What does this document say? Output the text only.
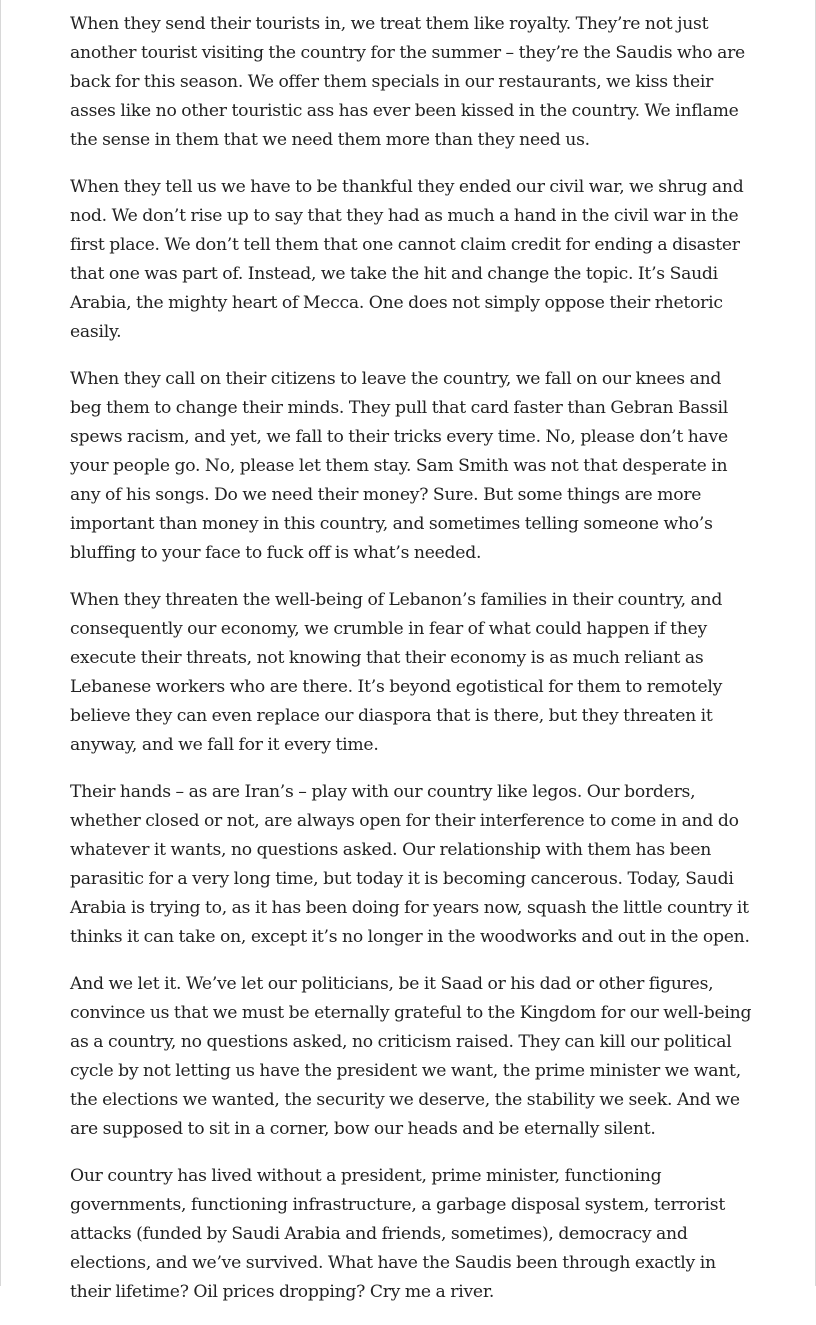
When they send their tourists in, we treat them like royalty. They’re not just another tourist visiting the country for the summer – they’re the Saudis who are back for this season. We offer them specials in our restaurants, we kiss their asses like no other touristic ass has ever been kissed in the country. We inflame the sense in them that we need them more than they need us.

When they tell us we have to be thankful they ended our civil war, we shrug and nod. We don’t rise up to say that they had as much a hand in the civil war in the first place. We don’t tell them that one cannot claim credit for ending a disaster that one was part of. Instead, we take the hit and change the topic. It’s Saudi Arabia, the mighty heart of Mecca. One does not simply oppose their rhetoric easily.

When they call on their citizens to leave the country, we fall on our knees and beg them to change their minds. They pull that card faster than Gebran Bassil spews racism, and yet, we fall to their tricks every time. No, please don’t have your people go. No, please let them stay. Sam Smith was not that desperate in any of his songs. Do we need their money? Sure. But some things are more important than money in this country, and sometimes telling someone who’s bluffing to your face to fuck off is what’s needed.

When they threaten the well-being of Lebanon’s families in their country, and consequently our economy, we crumble in fear of what could happen if they execute their threats, not knowing that their economy is as much reliant as Lebanese workers who are there. It’s beyond egotistical for them to remotely believe they can even replace our diaspora that is there, but they threaten it anyway, and we fall for it every time.

Their hands – as are Iran’s – play with our country like legos. Our borders, whether closed or not, are always open for their interference to come in and do whatever it wants, no questions asked. Our relationship with them has been parasitic for a very long time, but today it is becoming cancerous. Today, Saudi Arabia is trying to, as it has been doing for years now, squash the little country it thinks it can take on, except it’s no longer in the woodworks and out in the open.

And we let it. We’ve let our politicians, be it Saad or his dad or other figures, convince us that we must be eternally grateful to the Kingdom for our well-being as a country, no questions asked, no criticism raised. They can kill our political cycle by not letting us have the president we want, the prime minister we want, the elections we wanted, the security we deserve, the stability we seek. And we are supposed to sit in a corner, bow our heads and be eternally silent.

Our country has lived without a president, prime minister, functioning governments, functioning infrastructure, a garbage disposal system, terrorist attacks (funded by Saudi Arabia and friends, sometimes), democracy and elections, and we’ve survived. What have the Saudis been through exactly in their lifetime? Oil prices dropping? Cry me a river.
